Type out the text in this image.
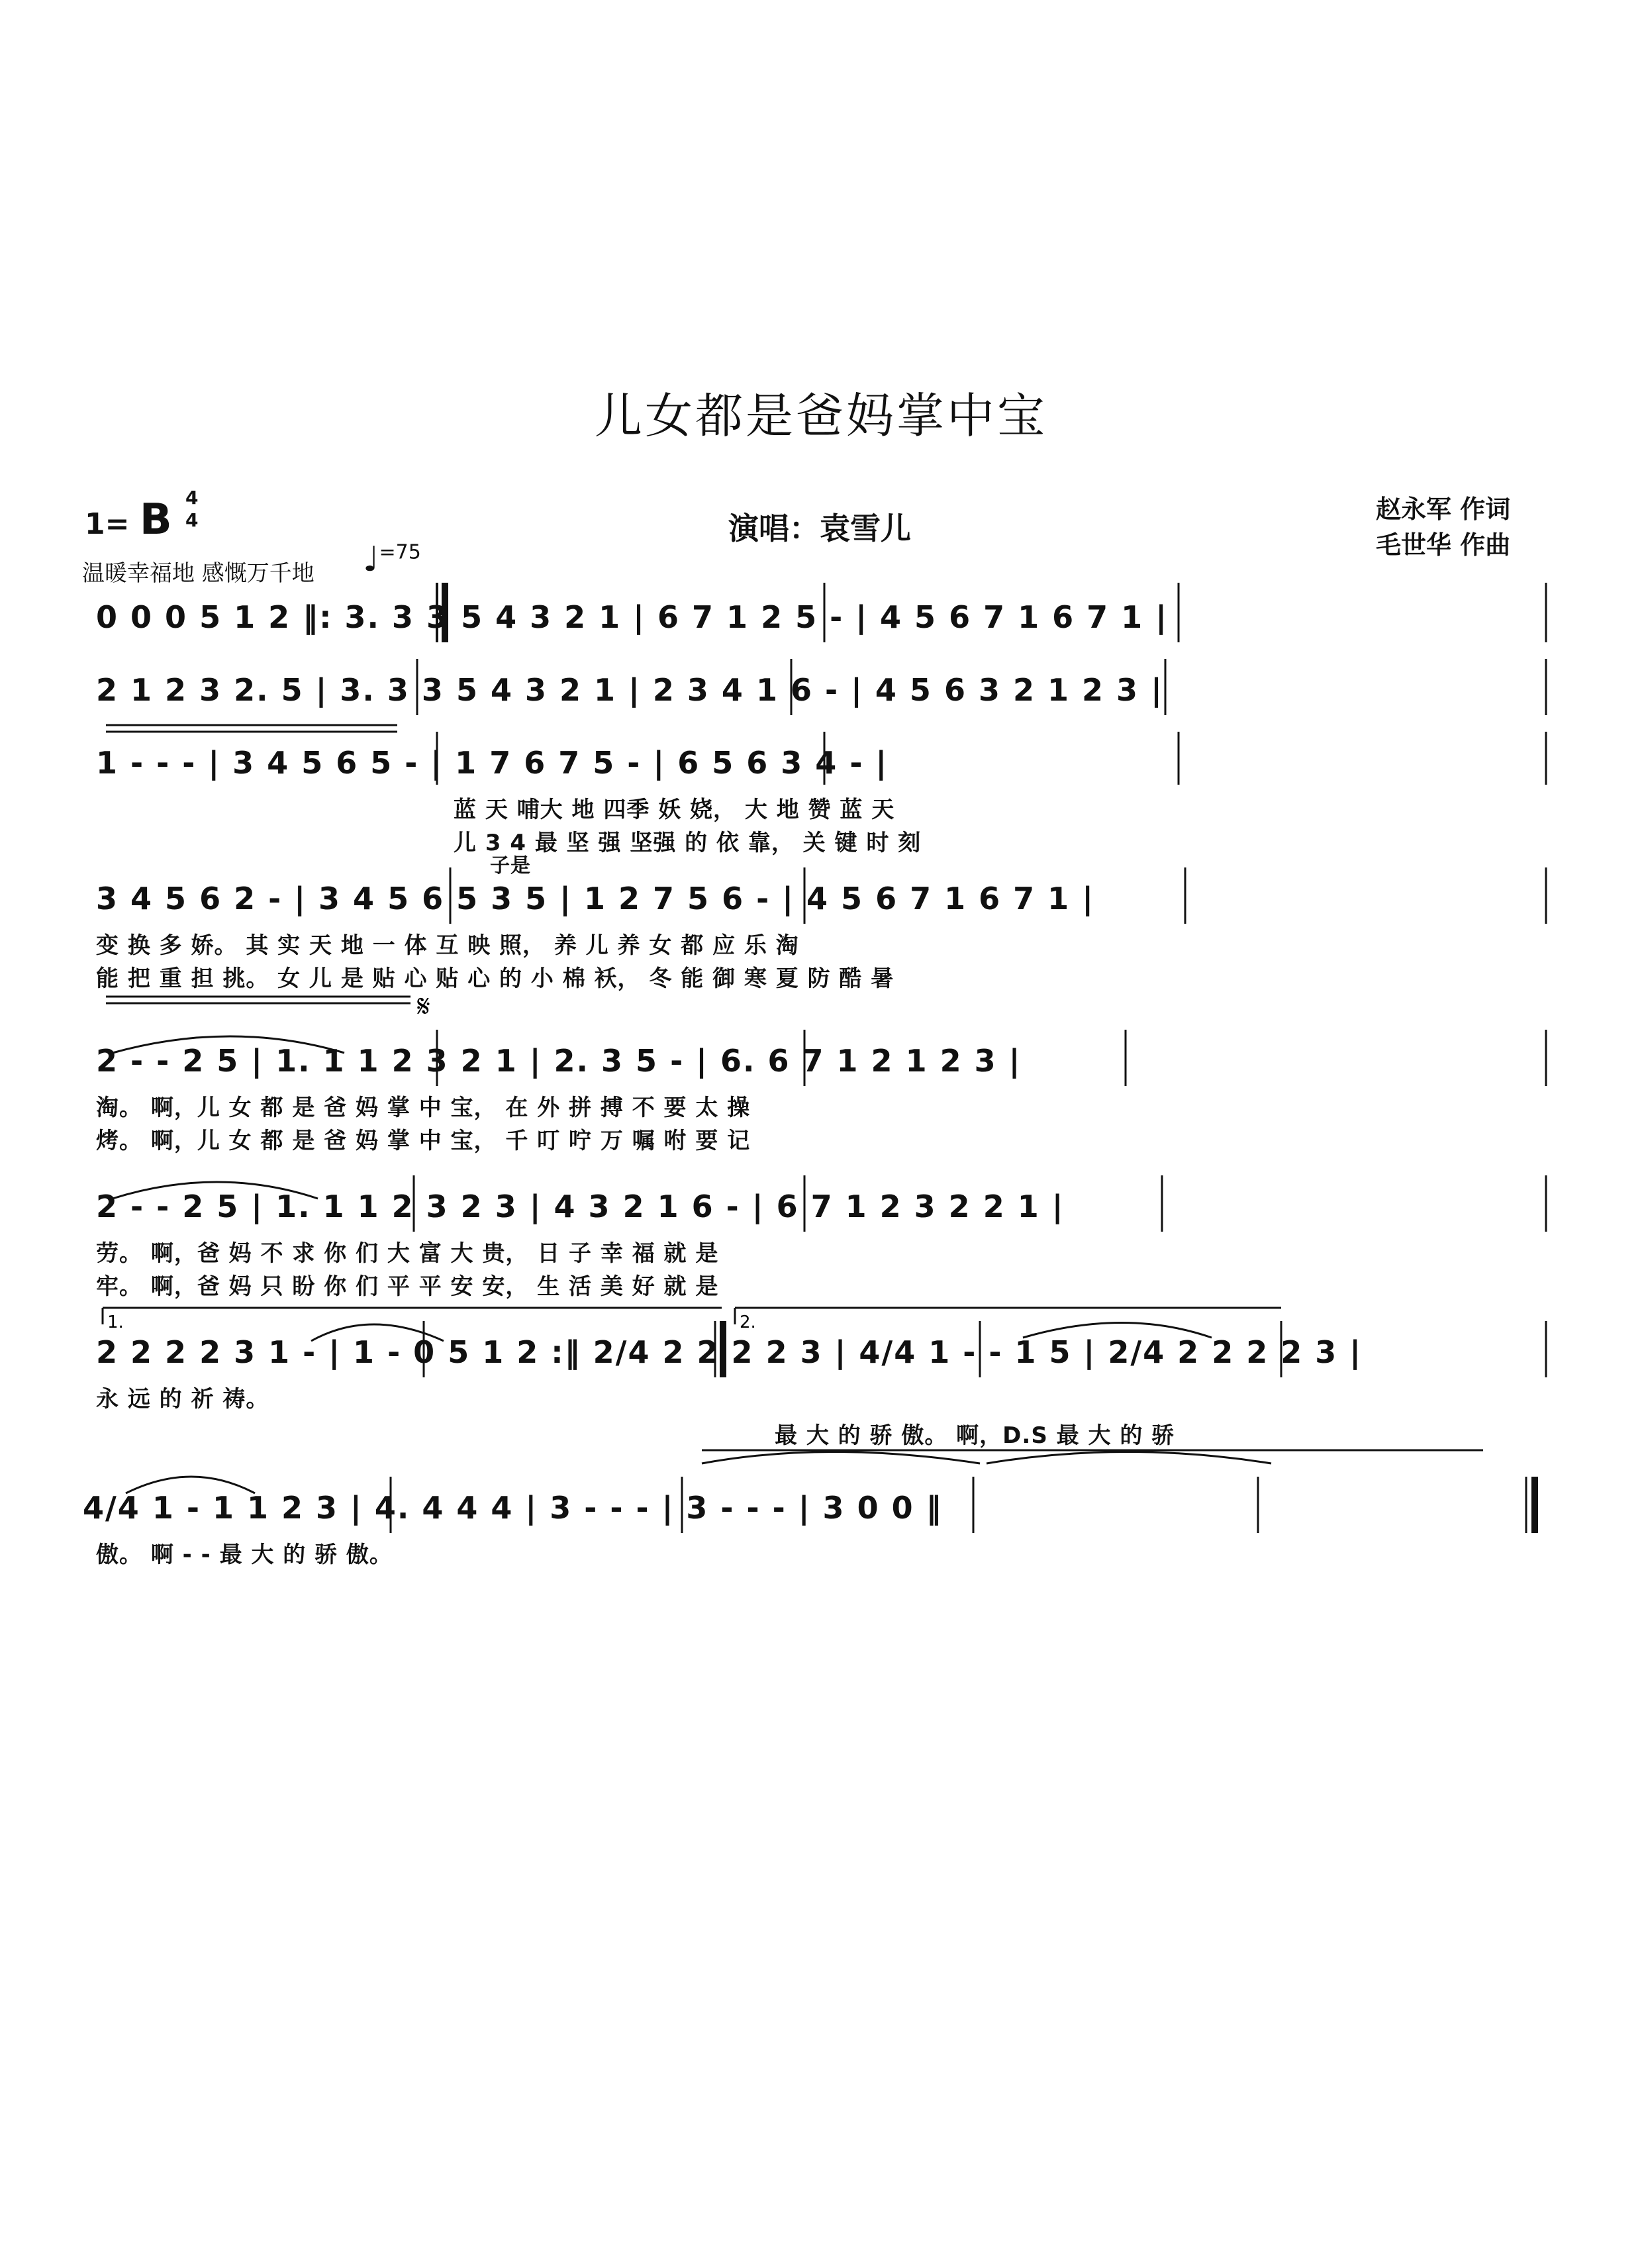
儿女都是爸妈掌中宝
1= B 4
4	演唱：袁雪儿
赵永军 作词
毛世华 作曲
温暖幸福地 感慨万千地 ♩$^{=75}$
0 0 0 5 1 2 ‖: 3. 3 3 5 4 3 2 1 | 6 7 1 2 5 - | 4 5 6 7 1 6 7 1 |
2 1 2 3 2. 5 | 3. 3 3 5 4 3 2 1 | 2 3 4 1 6 - | 4 5 6 3 2 1 2 3 |
1 - - - | 3 4 5 6 5 - | 1 7 6 7 5 - | 6 5 6 3 4 - |
蓝 天 哺大 地 四季 妖 娆， 大 地 赞 蓝 天
儿 3 4 最 坚 强 坚强 的 依 靠， 关 键 时 刻
子是
3 4 5 6 2 - | 3 4 5 6 5 3 5 | 1 2 7 5 6 - | 4 5 6 7 1 6 7 1 |
变 换 多 娇。 其 实 天 地 一 体 互 映 照， 养 儿 养 女 都 应 乐 淘
能 把 重 担 挑。 女 儿 是 贴 心 贴 心 的 小 棉 袄， 冬 能 御 寒 夏 防 酷 暑
2 - - 2 5 | 1. 1 1 2 3 2 1 | 2. 3 5 - | 6. 6 7 1 2 1 2 3 |
淘。 啊，儿 女 都 是 爸 妈 掌 中 宝， 在 外 拼 搏 不 要 太 操
烤。 啊，儿 女 都 是 爸 妈 掌 中 宝， 千 叮 咛 万 嘱 咐 要 记
2 - - 2 5 | 1. 1 1 2 3 2 3 | 4 3 2 1 6 - | 6 7 1 2 3 2 2 1 |
劳。 啊，爸 妈 不 求 你 们 大 富 大 贵， 日 子 幸 福 就 是
牢。 啊，爸 妈 只 盼 你 们 平 平 安 安， 生 活 美 好 就 是
2 2 2 2 3 1 - | 1 - 0 5 1 2 :‖ 2/4 2 2 2 2 3 | 4/4 1 - - 1 5 | 2/4 2 2 2 2 3 |
永 远 的 祈 祷。
最 大 的 骄 傲。 啊，D.S 最 大 的 骄
4/4 1 - 1 1 2 3 | 4. 4 4 4 | 3 - - - | 3 - - - | 3 0 0 ‖
傲。 啊 - - 最 大 的 骄 傲。
𝄋
1.	2.
